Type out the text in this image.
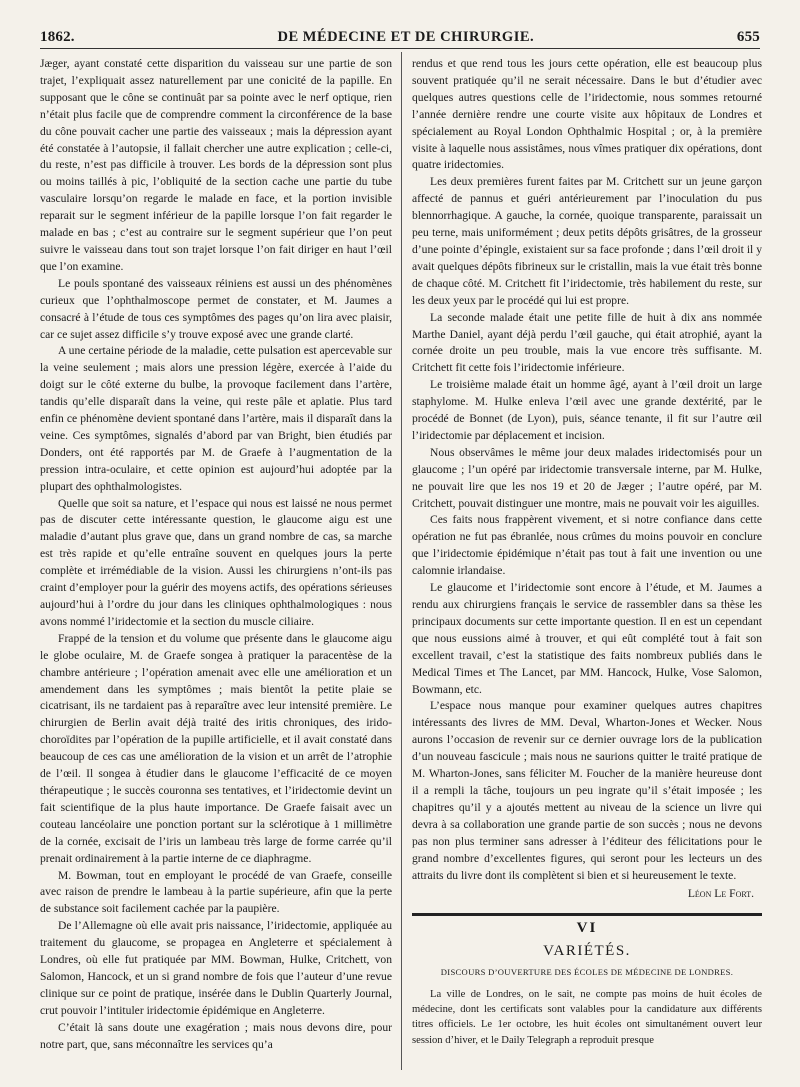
1862.	DE MÉDECINE ET DE CHIRURGIE.	655

Jæger, ayant constaté cette disparition du vaisseau sur une partie de son trajet, l’expliquait assez naturellement par une conicité de la papille. En supposant que le cône se continuât par sa pointe avec le nerf optique, rien n’était plus facile que de comprendre comment la circonférence de la base du cône pouvait cacher une partie des vaisseaux ; mais la dépression ayant été constatée à l’autopsie, il fallait chercher une autre explication ; celle-ci, du reste, n’est pas difficile à trouver. Les bords de la dépression sont plus ou moins taillés à pic, l’obliquité de la section cache une partie du tube vasculaire lorsqu’on regarde le malade en face, et la portion invisible reparait sur le segment inférieur de la papille lorsque l’on fait regarder le malade en bas ; c’est au contraire sur le segment supérieur que l’on peut suivre le vaisseau dans tout son trajet lorsque l’on fait diriger en haut l’œil que l’on examine.

Le pouls spontané des vaisseaux réiniens est aussi un des phénomènes curieux que l’ophthalmoscope permet de constater, et M. Jaumes a consacré à l’étude de tous ces symptômes des pages qu’on lira avec plaisir, car ce sujet assez difficile s’y trouve exposé avec une grande clarté.

A une certaine période de la maladie, cette pulsation est apercevable sur la veine seulement ; mais alors une pression légère, exercée à l’aide du doigt sur le côté externe du bulbe, la provoque facilement dans l’artère, tandis qu’elle disparaît dans la veine, qui reste pâle et aplatie. Plus tard enfin ce phénomène devient spontané dans l’artère, mais il disparaît dans la veine. Ces symptômes, signalés d’abord par van Bright, bien étudiés par Donders, ont été rapportés par M. de Graefe à l’augmentation de la pression intra-oculaire, et cette opinion est aujourd’hui adoptée par la plupart des ophthalmologistes.

Quelle que soit sa nature, et l’espace qui nous est laissé ne nous permet pas de discuter cette intéressante question, le glaucome aigu est une maladie d’autant plus grave que, dans un grand nombre de cas, sa marche est très rapide et qu’elle entraîne souvent en quelques jours la perte complète et irrémédiable de la vision. Aussi les chirurgiens n’ont-ils pas craint d’employer pour la guérir des moyens actifs, des opérations sérieuses aujourd’hui à l’ordre du jour dans les cliniques ophthalmologiques : nous avons nommé l’iridectomie et la section du muscle ciliaire.

Frappé de la tension et du volume que présente dans le glaucome aigu le globe oculaire, M. de Graefe songea à pratiquer la paracentèse de la chambre antérieure ; l’opération amenait avec elle une amélioration et un amendement dans les symptômes ; mais bientôt la petite plaie se cicatrisant, ils ne tardaient pas à reparaître avec leur intensité première. Le chirurgien de Berlin avait déjà traité des iritis chroniques, des irido-choroïdites par l’opération de la pupille artificielle, et il avait constaté dans beaucoup de ces cas une amélioration de la vision et un arrêt de l’atrophie de l’œil. Il songea à étudier dans le glaucome l’efficacité de ce moyen thérapeutique ; le succès couronna ses tentatives, et l’iridectomie devint un fait scientifique de la plus haute importance. De Graefe faisait avec un couteau lancéolaire une ponction portant sur la sclérotique à 1 millimètre de la cornée, excisait de l’iris un lambeau très large de forme carrée qu’il prenait ordinairement à la partie interne de ce diaphragme.

M. Bowman, tout en employant le procédé de van Graefe, conseille avec raison de prendre le lambeau à la partie supérieure, afin que la perte de substance soit facilement cachée par la paupière.

De l’Allemagne où elle avait pris naissance, l’iridectomie, appliquée au traitement du glaucome, se propagea en Angleterre et spécialement à Londres, où elle fut pratiquée par MM. Bowman, Hulke, Critchett, von Salomon, Hancock, et un si grand nombre de fois que l’auteur d’une revue clinique sur ce point de pratique, insérée dans le Dublin Quarterly Journal, crut pouvoir l’intituler iridectomie épidémique en Angleterre.

C’était là sans doute une exagération ; mais nous devons dire, pour notre part, que, sans méconnaître les services qu’a

rendus et que rend tous les jours cette opération, elle est beaucoup plus souvent pratiquée qu’il ne serait nécessaire. Dans le but d’étudier avec quelques autres questions celle de l’iridectomie, nous sommes retourné l’année dernière rendre une courte visite aux hôpitaux de Londres et spécialement au Royal London Ophthalmic Hospital ; or, à la première visite à laquelle nous assistâmes, nous vîmes pratiquer dix opérations, dont quatre iridectomies.

Les deux premières furent faites par M. Critchett sur un jeune garçon affecté de pannus et guéri antérieurement par l’inoculation du pus blennorrhagique. A gauche, la cornée, quoique transparente, paraissait un peu terne, mais uniformément ; deux petits dépôts grisâtres, de la grosseur d’une pointe d’épingle, existaient sur sa face profonde ; dans l’œil droit il y avait quelques dépôts fibrineux sur le cristallin, mais la vue était très bonne de chaque côté. M. Critchett fit l’iridectomie, très habilement du reste, sur les deux yeux par le procédé qui lui est propre.

La seconde malade était une petite fille de huit à dix ans nommée Marthe Daniel, ayant déjà perdu l’œil gauche, qui était atrophié, ayant la cornée droite un peu trouble, mais la vue encore très suffisante. M. Critchett fit cette fois l’iridectomie inférieure.

Le troisième malade était un homme âgé, ayant à l’œil droit un large staphylome. M. Hulke enleva l’œil avec une grande dextérité, par le procédé de Bonnet (de Lyon), puis, séance tenante, il fit sur l’autre œil l’iridectomie par déplacement et incision.

Nous observâmes le même jour deux malades iridectomisés pour un glaucome ; l’un opéré par iridectomie transversale interne, par M. Hulke, ne pouvait lire que les nos 19 et 20 de Jæger ; l’autre opéré, par M. Critchett, pouvait distinguer une montre, mais ne pouvait voir les aiguilles.

Ces faits nous frappèrent vivement, et si notre confiance dans cette opération ne fut pas ébranlée, nous crûmes du moins pouvoir en conclure que l’iridectomie épidémique n’était pas tout à fait une invention ou une calomnie irlandaise.

Le glaucome et l’iridectomie sont encore à l’étude, et M. Jaumes a rendu aux chirurgiens français le service de rassembler dans sa thèse les principaux documents sur cette importante question. Il en est un cependant que nous eussions aimé à trouver, et qui eût complété tout à fait son excellent travail, c’est la statistique des faits nombreux publiés dans le Medical Times et The Lancet, par MM. Hancock, Hulke, Vose Salomon, Bowmann, etc.

L’espace nous manque pour examiner quelques autres chapitres intéressants des livres de MM. Deval, Wharton-Jones et Wecker. Nous aurons l’occasion de revenir sur ce dernier ouvrage lors de la publication d’un nouveau fascicule ; mais nous ne saurions quitter le traité pratique de M. Wharton-Jones, sans féliciter M. Foucher de la manière heureuse dont il a rempli la tâche, toujours un peu ingrate qu’il s’était imposée ; les chapitres qu’il y a ajoutés mettent au niveau de la science un livre qui devra à sa collaboration une grande partie de son succès ; nous ne devons pas non plus terminer sans adresser à l’éditeur des félicitations pour le grand nombre d’excellentes figures, qui seront pour les lecteurs un des attraits du livre dont ils complètent si bien et si heureusement le texte.

Léon Le Fort.
VI
VARIÉTÉS.
DISCOURS D’OUVERTURE DES ÉCOLES DE MÉDECINE DE LONDRES.

La ville de Londres, on le sait, ne compte pas moins de huit écoles de médecine, dont les certificats sont valables pour la candidature aux différents titres officiels. Le 1er octobre, les huit écoles ont simultanément ouvert leur session d’hiver, et le Daily Telegraph a reproduit presque
